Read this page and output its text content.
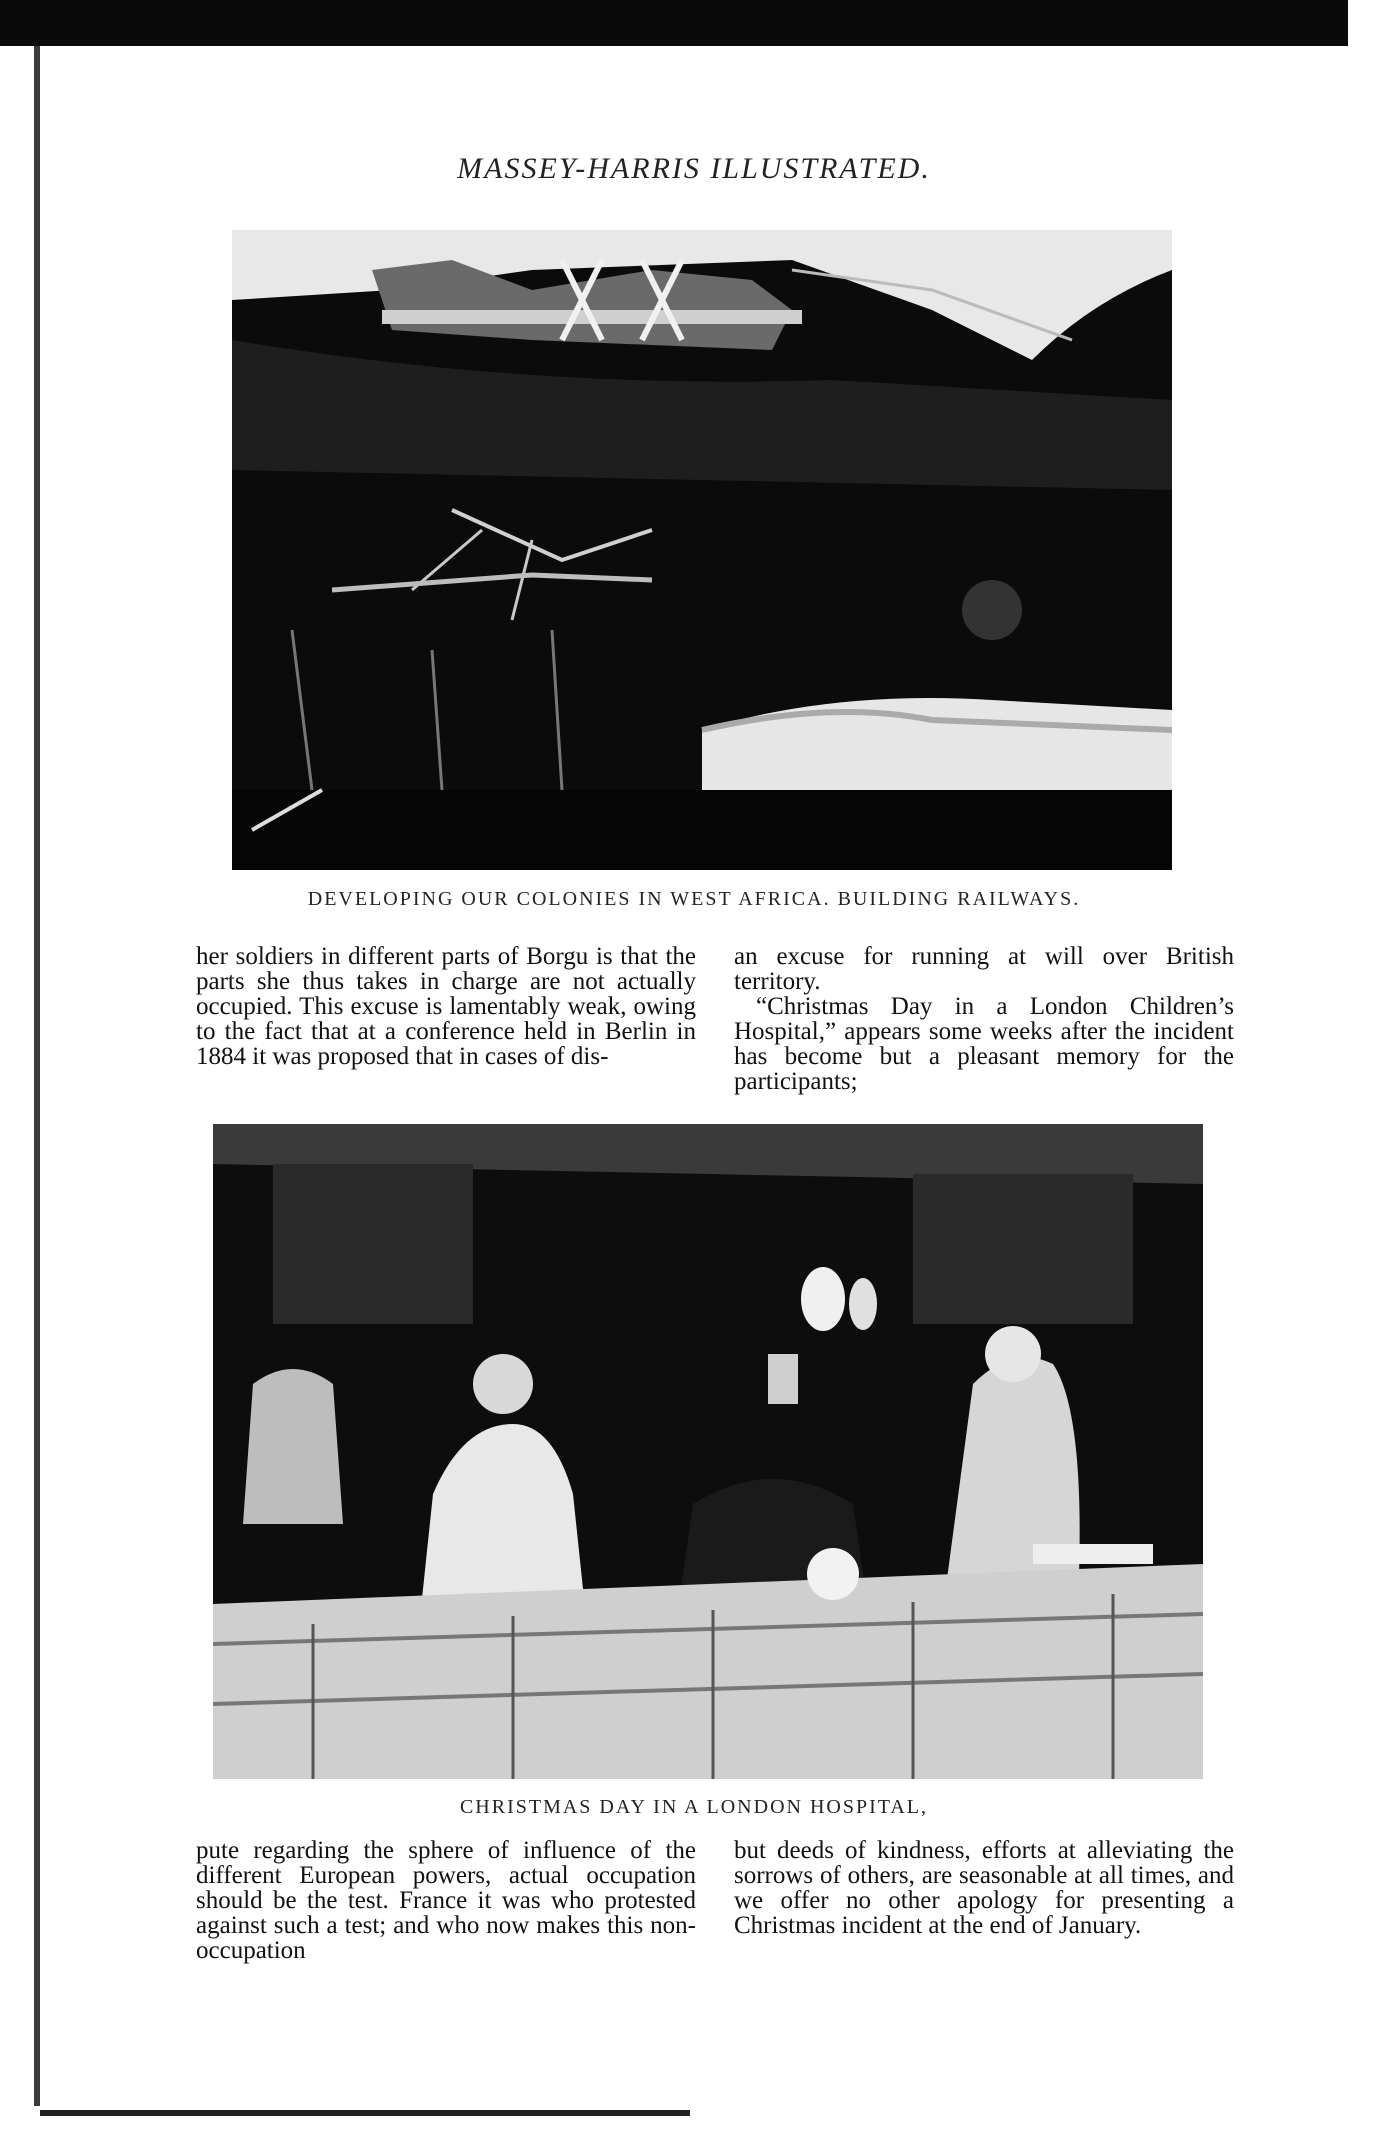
MASSEY-HARRIS ILLUSTRATED.
DEVELOPING OUR COLONIES IN WEST AFRICA. BUILDING RAILWAYS.

her soldiers in different parts of Borgu is that the parts she thus takes in charge are not actually occupied. This excuse is lamentably weak, owing to the fact that at a conference held in Berlin in 1884 it was proposed that in cases of dis-

an excuse for running at will over British territory.

“Christmas Day in a London Children’s Hospital,” appears some weeks after the incident has become but a pleasant memory for the participants;

CHRISTMAS DAY IN A LONDON HOSPITAL,

pute regarding the sphere of influence of the different European powers, actual occupation should be the test. France it was who protested against such a test; and who now makes this non-occupation

but deeds of kindness, efforts at alleviating the sorrows of others, are seasonable at all times, and we offer no other apology for presenting a Christmas incident at the end of January.
